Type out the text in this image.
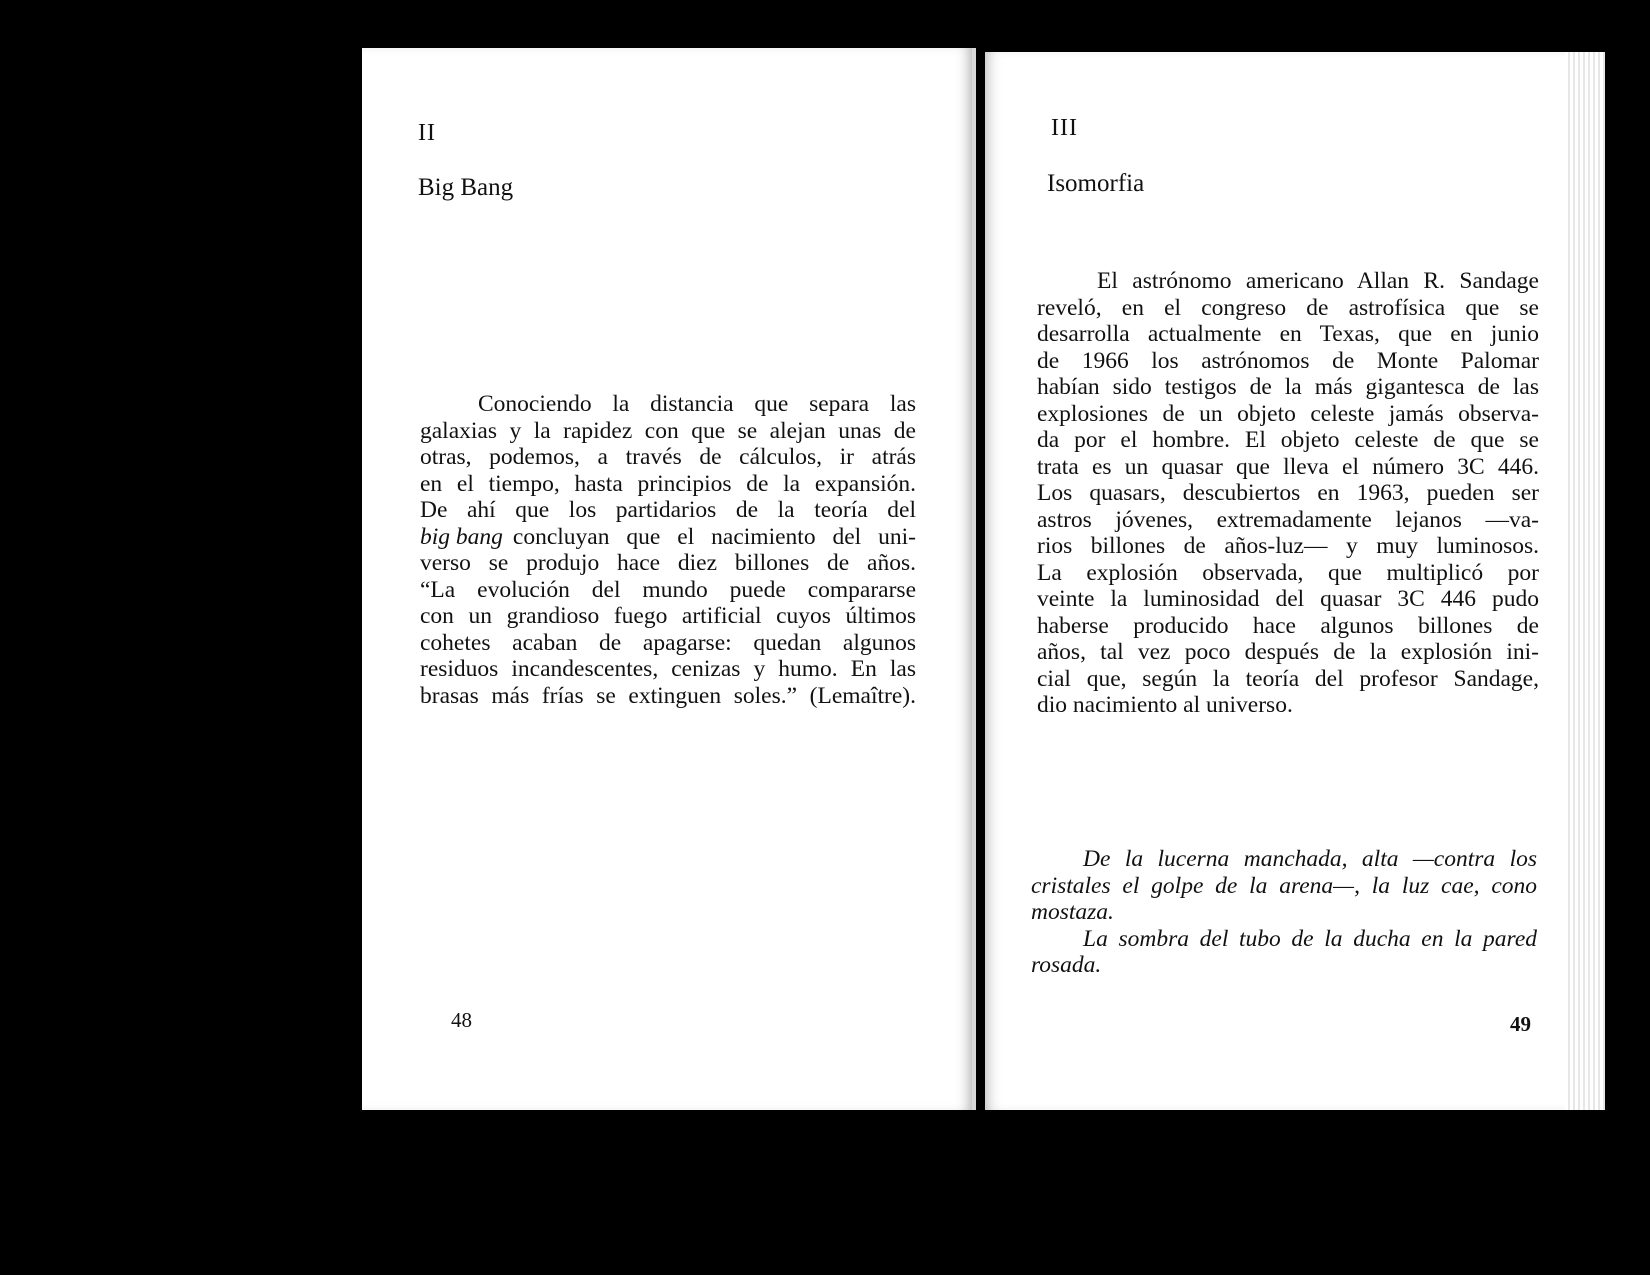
II
Big Bang
Conociendo la distancia que separa las
galaxias y la rapidez con que se alejan unas de
otras, podemos, a través de cálculos, ir atrás
en el tiempo, hasta principios de la expansión.
De ahí que los partidarios de la teoría del
big bang concluyan que el nacimiento del uni-
verso se produjo hace diez billones de años.
“La evolución del mundo puede compararse
con un grandioso fuego artificial cuyos últimos
cohetes acaban de apagarse: quedan algunos
residuos incandescentes, cenizas y humo. En las
brasas más frías se extinguen soles.” (Lemaître).
48
III
Isomorfia
El astrónomo americano Allan R. Sandage
reveló, en el congreso de astrofísica que se
desarrolla actualmente en Texas, que en junio
de 1966 los astrónomos de Monte Palomar
habían sido testigos de la más gigantesca de las
explosiones de un objeto celeste jamás observa-
da por el hombre. El objeto celeste de que se
trata es un quasar que lleva el número 3C 446.
Los quasars, descubiertos en 1963, pueden ser
astros jóvenes, extremadamente lejanos —va-
rios billones de años-luz— y muy luminosos.
La explosión observada, que multiplicó por
veinte la luminosidad del quasar 3C 446 pudo
haberse producido hace algunos billones de
años, tal vez poco después de la explosión ini-
cial que, según la teoría del profesor Sandage,
dio nacimiento al universo.
De la lucerna manchada, alta —contra los
cristales el golpe de la arena—, la luz cae, cono
mostaza.
La sombra del tubo de la ducha en la pared
rosada.
49
